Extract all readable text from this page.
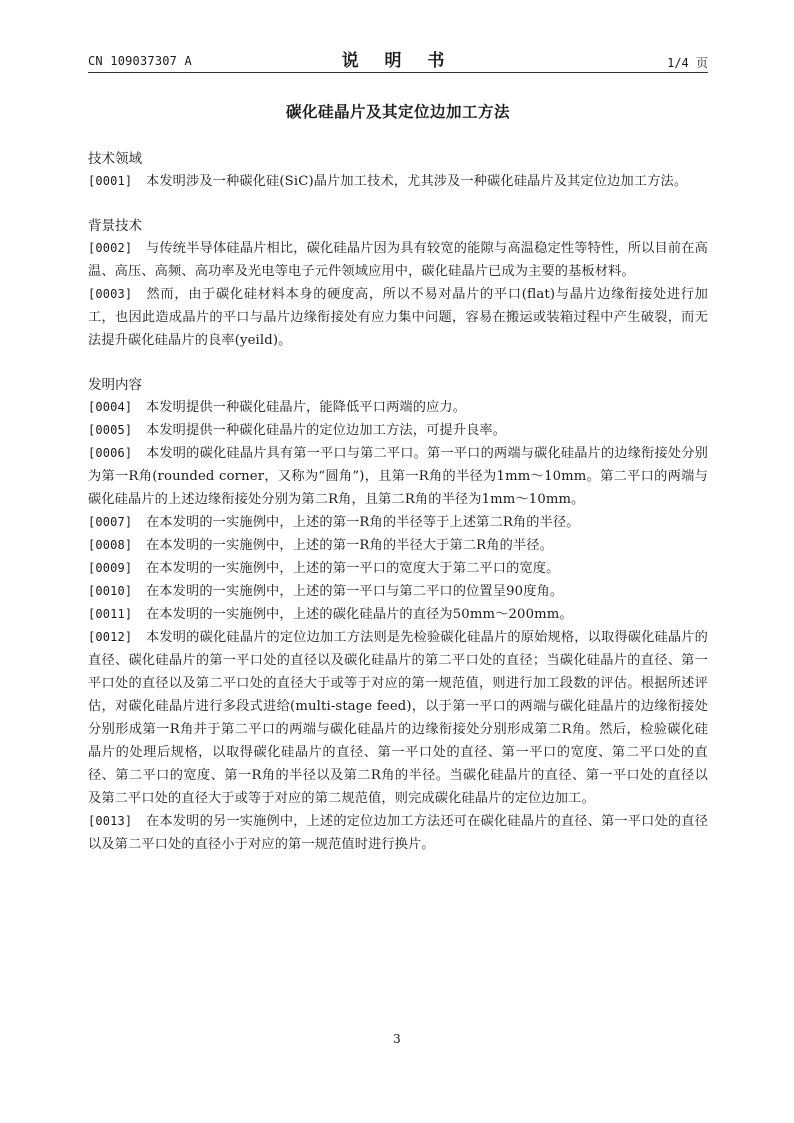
CN 109037307 A	说 明 书	1/4 页
碳化硅晶片及其定位边加工方法
技术领域
[0001] 本发明涉及一种碳化硅(SiC)晶片加工技术，尤其涉及一种碳化硅晶片及其定位边加工方法。
背景技术
[0002] 与传统半导体硅晶片相比，碳化硅晶片因为具有较宽的能隙与高温稳定性等特性，所以目前在高温、高压、高频、高功率及光电等电子元件领域应用中，碳化硅晶片已成为主要的基板材料。
[0003] 然而，由于碳化硅材料本身的硬度高，所以不易对晶片的平口(flat)与晶片边缘衔接处进行加工，也因此造成晶片的平口与晶片边缘衔接处有应力集中问题，容易在搬运或装箱过程中产生破裂，而无法提升碳化硅晶片的良率(yeild)。
发明内容
[0004] 本发明提供一种碳化硅晶片，能降低平口两端的应力。
[0005] 本发明提供一种碳化硅晶片的定位边加工方法，可提升良率。
[0006] 本发明的碳化硅晶片具有第一平口与第二平口。第一平口的两端与碳化硅晶片的边缘衔接处分别为第一R角(rounded corner，又称为“圆角”)，且第一R角的半径为1mm～10mm。第二平口的两端与碳化硅晶片的上述边缘衔接处分别为第二R角，且第二R角的半径为1mm～10mm。
[0007] 在本发明的一实施例中，上述的第一R角的半径等于上述第二R角的半径。
[0008] 在本发明的一实施例中，上述的第一R角的半径大于第二R角的半径。
[0009] 在本发明的一实施例中，上述的第一平口的宽度大于第二平口的宽度。
[0010] 在本发明的一实施例中，上述的第一平口与第二平口的位置呈90度角。
[0011] 在本发明的一实施例中，上述的碳化硅晶片的直径为50mm～200mm。
[0012] 本发明的碳化硅晶片的定位边加工方法则是先检验碳化硅晶片的原始规格，以取得碳化硅晶片的直径、碳化硅晶片的第一平口处的直径以及碳化硅晶片的第二平口处的直径；当碳化硅晶片的直径、第一平口处的直径以及第二平口处的直径大于或等于对应的第一规范值，则进行加工段数的评估。根据所述评估，对碳化硅晶片进行多段式进给(multi-stage feed)，以于第一平口的两端与碳化硅晶片的边缘衔接处分别形成第一R角并于第二平口的两端与碳化硅晶片的边缘衔接处分别形成第二R角。然后，检验碳化硅晶片的处理后规格，以取得碳化硅晶片的直径、第一平口处的直径、第一平口的宽度、第二平口处的直径、第二平口的宽度、第一R角的半径以及第二R角的半径。当碳化硅晶片的直径、第一平口处的直径以及第二平口处的直径大于或等于对应的第二规范值，则完成碳化硅晶片的定位边加工。
[0013] 在本发明的另一实施例中，上述的定位边加工方法还可在碳化硅晶片的直径、第一平口处的直径以及第二平口处的直径小于对应的第一规范值时进行换片。
3
